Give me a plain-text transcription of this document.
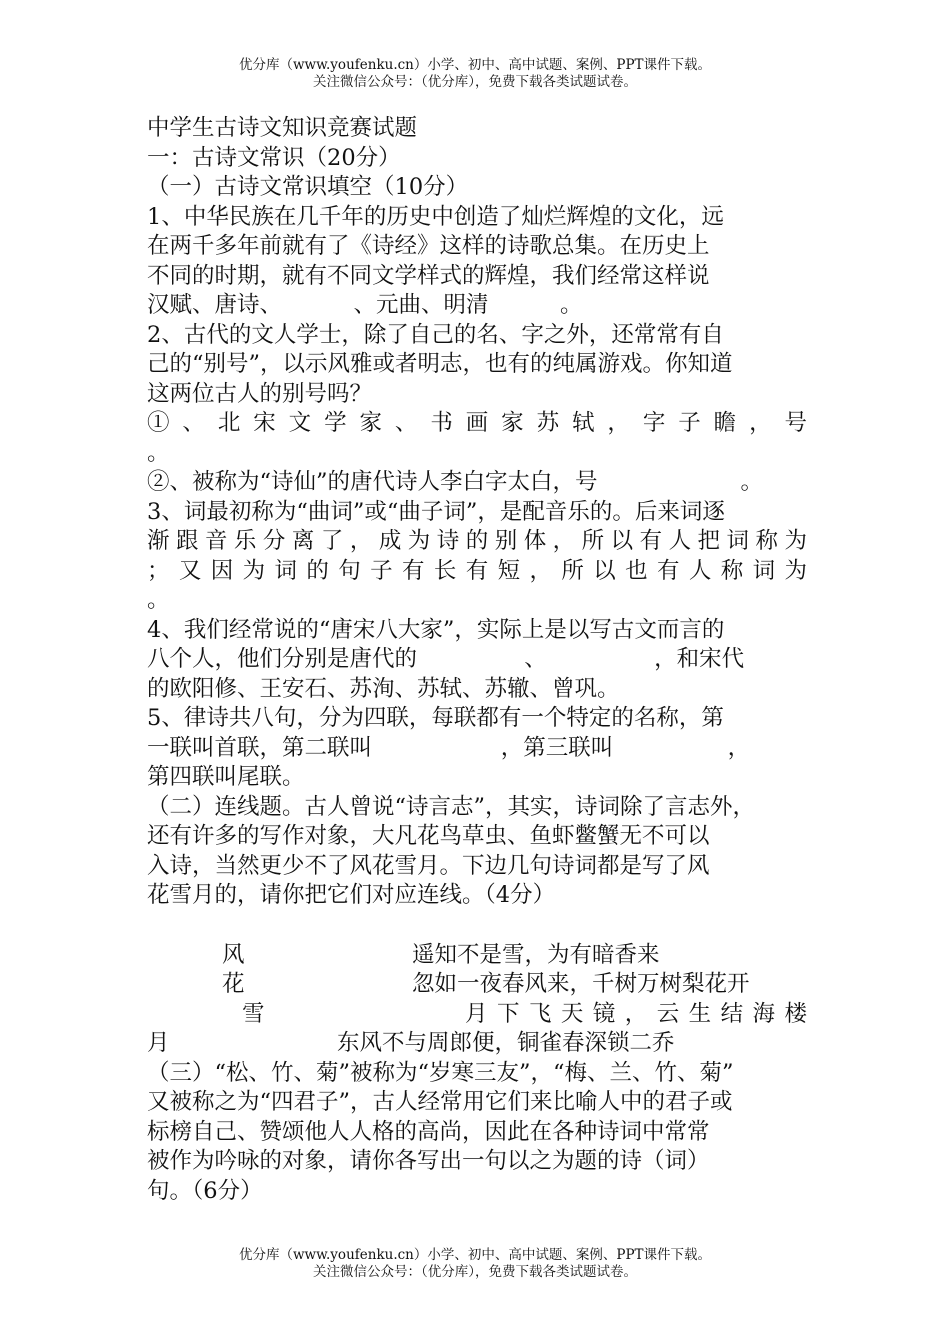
优分库（www.youfenku.cn）小学、初中、高中试题、案例、PPT课件下载。
关注微信公众号：（优分库），免费下载各类试题试卷。
中学生古诗文知识竞赛试题
一：古诗文常识（20分）
（一）古诗文常识填空（10分）
1、中华民族在几千年的历史中创造了灿烂辉煌的文化，远
在两千多年前就有了《诗经》这样的诗歌总集。在历史上
不同的时期，就有不同文学样式的辉煌，我们经常这样说
汉赋、唐诗、          、元曲、明清          。
2、古代的文人学士，除了自己的名、字之外，还常常有自
己的“别号”，以示风雅或者明志，也有的纯属游戏。你知道
这两位古人的别号吗？
①、北宋文学家、书画家苏轼，字子瞻，号
。
②、被称为“诗仙”的唐代诗人李白字太白，号                    。
3、词最初称为“曲词”或“曲子词”，是配音乐的。后来词逐
渐跟音乐分离了，成为诗的别体，所以有人把词称为
；又因为词的句子有长有短，所以也有人称词为
。
4、我们经常说的“唐宋八大家”，实际上是以写古文而言的
八个人，他们分别是唐代的               、               ，和宋代
的欧阳修、王安石、苏洵、苏轼、苏辙、曾巩。
5、律诗共八句，分为四联，每联都有一个特定的名称，第
一联叫首联，第二联叫                  ，第三联叫                ，
第四联叫尾联。
（二）连线题。古人曾说“诗言志”，其实，诗词除了言志外，
还有许多的写作对象，大凡花鸟草虫、鱼虾鳖蟹无不可以
入诗，当然更少不了风花雪月。下边几句诗词都是写了风
花雪月的，请你把它们对应连线。（4分）
风	遥知不是雪，为有暗香来
花	忽如一夜春风来，千树万树梨花开
雪	月下飞天镜，云生结海楼
月	东风不与周郎便，铜雀春深锁二乔
（三）“松、竹、菊”被称为“岁寒三友”，“梅、兰、竹、菊”
又被称之为“四君子”，古人经常用它们来比喻人中的君子或
标榜自己、赞颂他人人格的高尚，因此在各种诗词中常常
被作为吟咏的对象，请你各写出一句以之为题的诗（词）
句。（6分）
优分库（www.youfenku.cn）小学、初中、高中试题、案例、PPT课件下载。
关注微信公众号：（优分库），免费下载各类试题试卷。
